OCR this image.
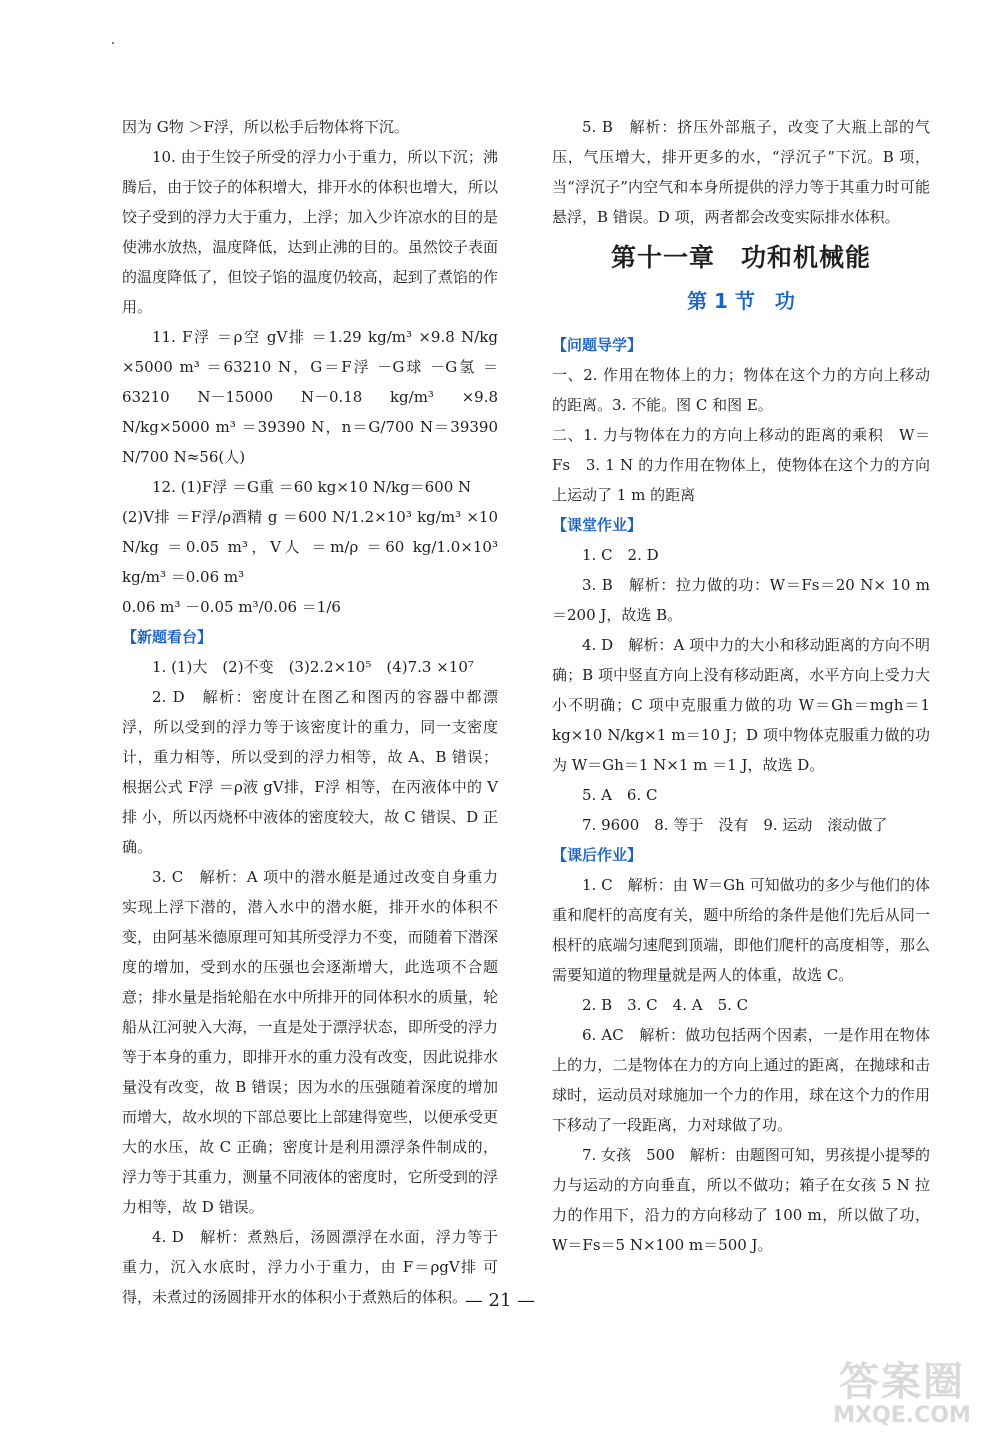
因为 G物 ＞F浮，所以松手后物体将下沉。

10. 由于生饺子所受的浮力小于重力，所以下沉；沸腾后，由于饺子的体积增大，排开水的体积也增大，所以饺子受到的浮力大于重力，上浮；加入少许凉水的目的是使沸水放热，温度降低，达到止沸的目的。虽然饺子表面的温度降低了，但饺子馅的温度仍较高，起到了煮馅的作用。

11. F浮 ＝ρ空 gV排 ＝1.29 kg/m³ ×9.8 N/kg ×5000 m³ ＝63210 N，G＝F浮 －G球 －G氢 ＝63210 N－15000 N－0.18 kg/m³ ×9.8 N/kg×5000 m³ ＝39390 N，n＝G/700 N＝39390 N/700 N≈56(人)

12. (1)F浮 ＝G重 ＝60 kg×10 N/kg＝600 N

(2)V排 ＝F浮/ρ酒精 g ＝600 N/1.2×10³ kg/m³ ×10 N/kg ＝0.05 m³，V人 ＝m/ρ ＝60 kg/1.0×10³ kg/m³ ＝0.06 m³

0.06 m³ －0.05 m³/0.06 ＝1/6

【新题看台】

1. (1)大　(2)不变　(3)2.2×10⁵　(4)7.3 ×10⁷

2. D　解析：密度计在图乙和图丙的容器中都漂浮，所以受到的浮力等于该密度计的重力，同一支密度计，重力相等，所以受到的浮力相等，故 A、B 错误；根据公式 F浮 ＝ρ液 gV排，F浮 相等，在丙液体中的 V排 小，所以丙烧杯中液体的密度较大，故 C 错误、D 正确。

3. C　解析：A 项中的潜水艇是通过改变自身重力实现上浮下潜的，潜入水中的潜水艇，排开水的体积不变，由阿基米德原理可知其所受浮力不变，而随着下潜深度的增加，受到水的压强也会逐渐增大，此选项不合题意；排水量是指轮船在水中所排开的同体积水的质量，轮船从江河驶入大海，一直是处于漂浮状态，即所受的浮力等于本身的重力，即排开水的重力没有改变，因此说排水量没有改变，故 B 错误；因为水的压强随着深度的增加而增大，故水坝的下部总要比上部建得宽些，以便承受更大的水压，故 C 正确；密度计是利用漂浮条件制成的，浮力等于其重力，测量不同液体的密度时，它所受到的浮力相等，故 D 错误。

4. D　解析：煮熟后，汤圆漂浮在水面，浮力等于重力，沉入水底时，浮力小于重力，由 F＝ρgV排 可得，未煮过的汤圆排开水的体积小于煮熟后的体积。

5. B　解析：挤压外部瓶子，改变了大瓶上部的气压，气压增大，排开更多的水，“浮沉子”下沉。B 项，当“浮沉子”内空气和本身所提供的浮力等于其重力时可能悬浮，B 错误。D 项，两者都会改变实际排水体积。

第十一章　功和机械能
第 1 节　功
【问题导学】

一、2. 作用在物体上的力；物体在这个力的方向上移动的距离。3. 不能。图 C 和图 E。

二、1. 力与物体在力的方向上移动的距离的乘积　W＝Fs　3. 1 N 的力作用在物体上，使物体在这个力的方向上运动了 1 m 的距离

【课堂作业】

1. C　2. D

3. B　解析：拉力做的功：W＝Fs＝20 N× 10 m＝200 J，故选 B。

4. D　解析：A 项中力的大小和移动距离的方向不明确；B 项中竖直方向上没有移动距离，水平方向上受力大小不明确；C 项中克服重力做的功 W＝Gh＝mgh＝1 kg×10 N/kg×1 m＝10 J；D 项中物体克服重力做的功为 W＝Gh＝1 N×1 m ＝1 J，故选 D。

5. A　6. C

7. 9600　8. 等于　没有　9. 运动　滚动做了

【课后作业】

1. C　解析：由 W＝Gh 可知做功的多少与他们的体重和爬杆的高度有关，题中所给的条件是他们先后从同一根杆的底端匀速爬到顶端，即他们爬杆的高度相等，那么需要知道的物理量就是两人的体重，故选 C。

2. B　3. C　4. A　5. C

6. AC　解析：做功包括两个因素，一是作用在物体上的力，二是物体在力的方向上通过的距离，在抛球和击球时，运动员对球施加一个力的作用，球在这个力的作用下移动了一段距离，力对球做了功。

7. 女孩　500　解析：由题图可知，男孩提小提琴的力与运动的方向垂直，所以不做功；箱子在女孩 5 N 拉力的作用下，沿力的方向移动了 100 m，所以做了功，W＝Fs＝5 N×100 m＝500 J。

— 21 —
答案圈
MXQE.COM
